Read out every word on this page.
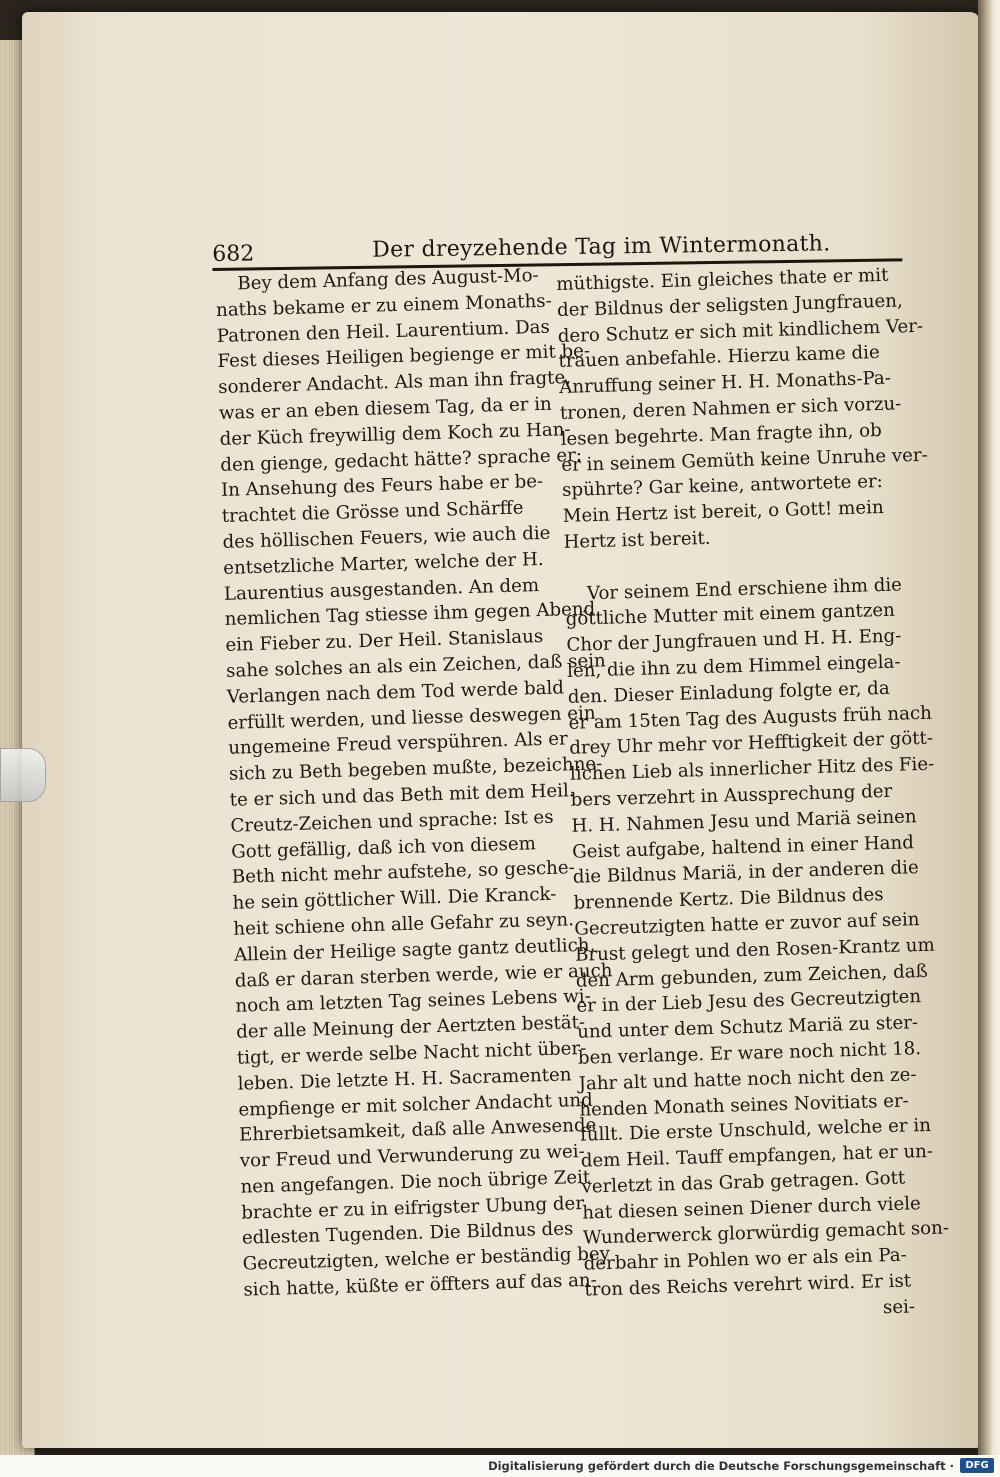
682	Der dreyzehende Tag im Wintermonath.
Bey dem Anfang des August-Mo-
naths bekame er zu einem Monaths-
Patronen den Heil. Laurentium. Das
Fest dieses Heiligen begienge er mit be-
sonderer Andacht. Als man ihn fragte,
was er an eben diesem Tag, da er in
der Küch freywillig dem Koch zu Han-
den gienge, gedacht hätte? sprache er:
In Ansehung des Feurs habe er be-
trachtet die Grösse und Schärffe
des höllischen Feuers, wie auch die
entsetzliche Marter, welche der H.
Laurentius ausgestanden. An dem
nemlichen Tag stiesse ihm gegen Abend
ein Fieber zu. Der Heil. Stanislaus
sahe solches an als ein Zeichen, daß sein
Verlangen nach dem Tod werde bald
erfüllt werden, und liesse deswegen ein
ungemeine Freud verspühren. Als er
sich zu Beth begeben mußte, bezeichne-
te er sich und das Beth mit dem Heil.
Creutz-Zeichen und sprache: Ist es
Gott gefällig, daß ich von diesem
Beth nicht mehr aufstehe, so gesche-
he sein göttlicher Will. Die Kranck-
heit schiene ohn alle Gefahr zu seyn.
Allein der Heilige sagte gantz deutlich,
daß er daran sterben werde, wie er auch
noch am letzten Tag seines Lebens wi-
der alle Meinung der Aertzten bestät-
tigt, er werde selbe Nacht nicht über-
leben. Die letzte H. H. Sacramenten
empfienge er mit solcher Andacht und
Ehrerbietsamkeit, daß alle Anwesende
vor Freud und Verwunderung zu wei-
nen angefangen. Die noch übrige Zeit
brachte er zu in eifrigster Ubung der
edlesten Tugenden. Die Bildnus des
Gecreutzigten, welche er beständig bey
sich hatte, küßte er öffters auf das an-
müthigste. Ein gleiches thate er mit
der Bildnus der seligsten Jungfrauen,
dero Schutz er sich mit kindlichem Ver-
trauen anbefahle. Hierzu kame die
Anruffung seiner H. H. Monaths-Pa-
tronen, deren Nahmen er sich vorzu-
lesen begehrte. Man fragte ihn, ob
er in seinem Gemüth keine Unruhe ver-
spührte? Gar keine, antwortete er:
Mein Hertz ist bereit, o Gott! mein
Hertz ist bereit.
Vor seinem End erschiene ihm die
göttliche Mutter mit einem gantzen
Chor der Jungfrauen und H. H. Eng-
len, die ihn zu dem Himmel eingela-
den. Dieser Einladung folgte er, da
er am 15ten Tag des Augusts früh nach
drey Uhr mehr vor Hefftigkeit der gött-
lichen Lieb als innerlicher Hitz des Fie-
bers verzehrt in Aussprechung der
H. H. Nahmen Jesu und Mariä seinen
Geist aufgabe, haltend in einer Hand
die Bildnus Mariä, in der anderen die
brennende Kertz. Die Bildnus des
Gecreutzigten hatte er zuvor auf sein
Brust gelegt und den Rosen-Krantz um
den Arm gebunden, zum Zeichen, daß
er in der Lieb Jesu des Gecreutzigten
und unter dem Schutz Mariä zu ster-
ben verlange. Er ware noch nicht 18.
Jahr alt und hatte noch nicht den ze-
henden Monath seines Novitiats er-
füllt. Die erste Unschuld, welche er in
dem Heil. Tauff empfangen, hat er un-
verletzt in das Grab getragen. Gott
hat diesen seinen Diener durch viele
Wunderwerck glorwürdig gemacht son-
derbahr in Pohlen wo er als ein Pa-
tron des Reichs verehrt wird. Er ist
sei-
Digitalisierung gefördert durch die Deutsche Forschungsgemeinschaft ·	DFG
